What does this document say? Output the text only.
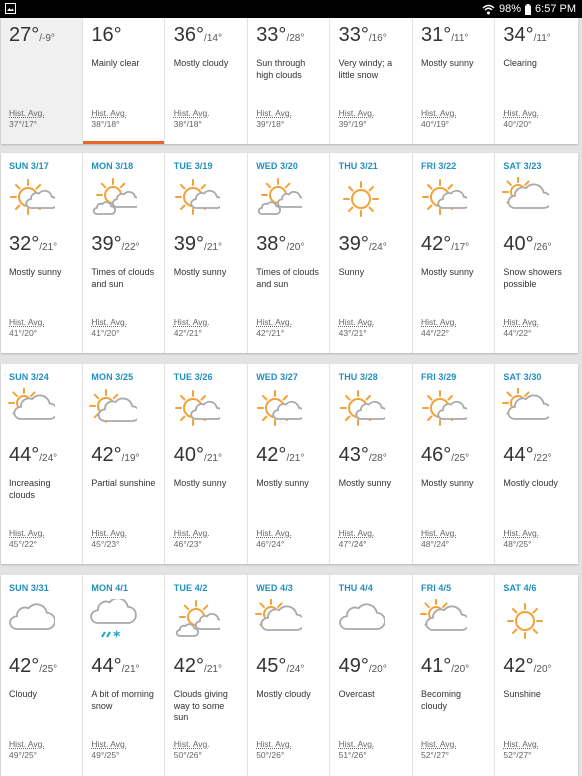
98% 6:57 PM
27°/-9°
Hist. Avg.
37°/17°
16°
Mainly clear
Hist. Avg.
38°/18°
36°/14°
Mostly cloudy
Hist. Avg.
38°/18°
33°/28°
Sun through high clouds
Hist. Avg.
39°/18°
33°/16°
Very windy; a little snow
Hist. Avg.
39°/19°
31°/11°
Mostly sunny
Hist. Avg.
40°/19°
34°/11°
Clearing
Hist. Avg.
40°/20°
SUN 3/17
32°/21°
Mostly sunny
Hist. Avg.
41°/20°
MON 3/18
39°/22°
Times of clouds and sun
Hist. Avg.
41°/20°
TUE 3/19
39°/21°
Mostly sunny
Hist. Avg.
42°/21°
WED 3/20
38°/20°
Times of clouds and sun
Hist. Avg.
42°/21°
THU 3/21
39°/24°
Sunny
Hist. Avg.
43°/21°
FRI 3/22
42°/17°
Mostly sunny
Hist. Avg.
44°/22°
SAT 3/23
40°/26°
Snow showers possible
Hist. Avg.
44°/22°
SUN 3/24
44°/24°
Increasing clouds
Hist. Avg.
45°/22°
MON 3/25
42°/19°
Partial sunshine
Hist. Avg.
45°/23°
TUE 3/26
40°/21°
Mostly sunny
Hist. Avg.
46°/23°
WED 3/27
42°/21°
Mostly sunny
Hist. Avg.
46°/24°
THU 3/28
43°/28°
Mostly sunny
Hist. Avg.
47°/24°
FRI 3/29
46°/25°
Mostly sunny
Hist. Avg.
48°/24°
SAT 3/30
44°/22°
Mostly cloudy
Hist. Avg.
48°/25°
SUN 3/31
42°/25°
Cloudy
Hist. Avg.
49°/25°
MON 4/1
*
44°/21°
A bit of morning snow
Hist. Avg.
49°/25°
TUE 4/2
42°/21°
Clouds giving way to some sun
Hist. Avg.
50°/26°
WED 4/3
45°/24°
Mostly cloudy
Hist. Avg.
50°/26°
THU 4/4
49°/20°
Overcast
Hist. Avg.
51°/26°
FRI 4/5
41°/20°
Becoming cloudy
Hist. Avg.
52°/27°
SAT 4/6
42°/20°
Sunshine
Hist. Avg.
52°/27°
